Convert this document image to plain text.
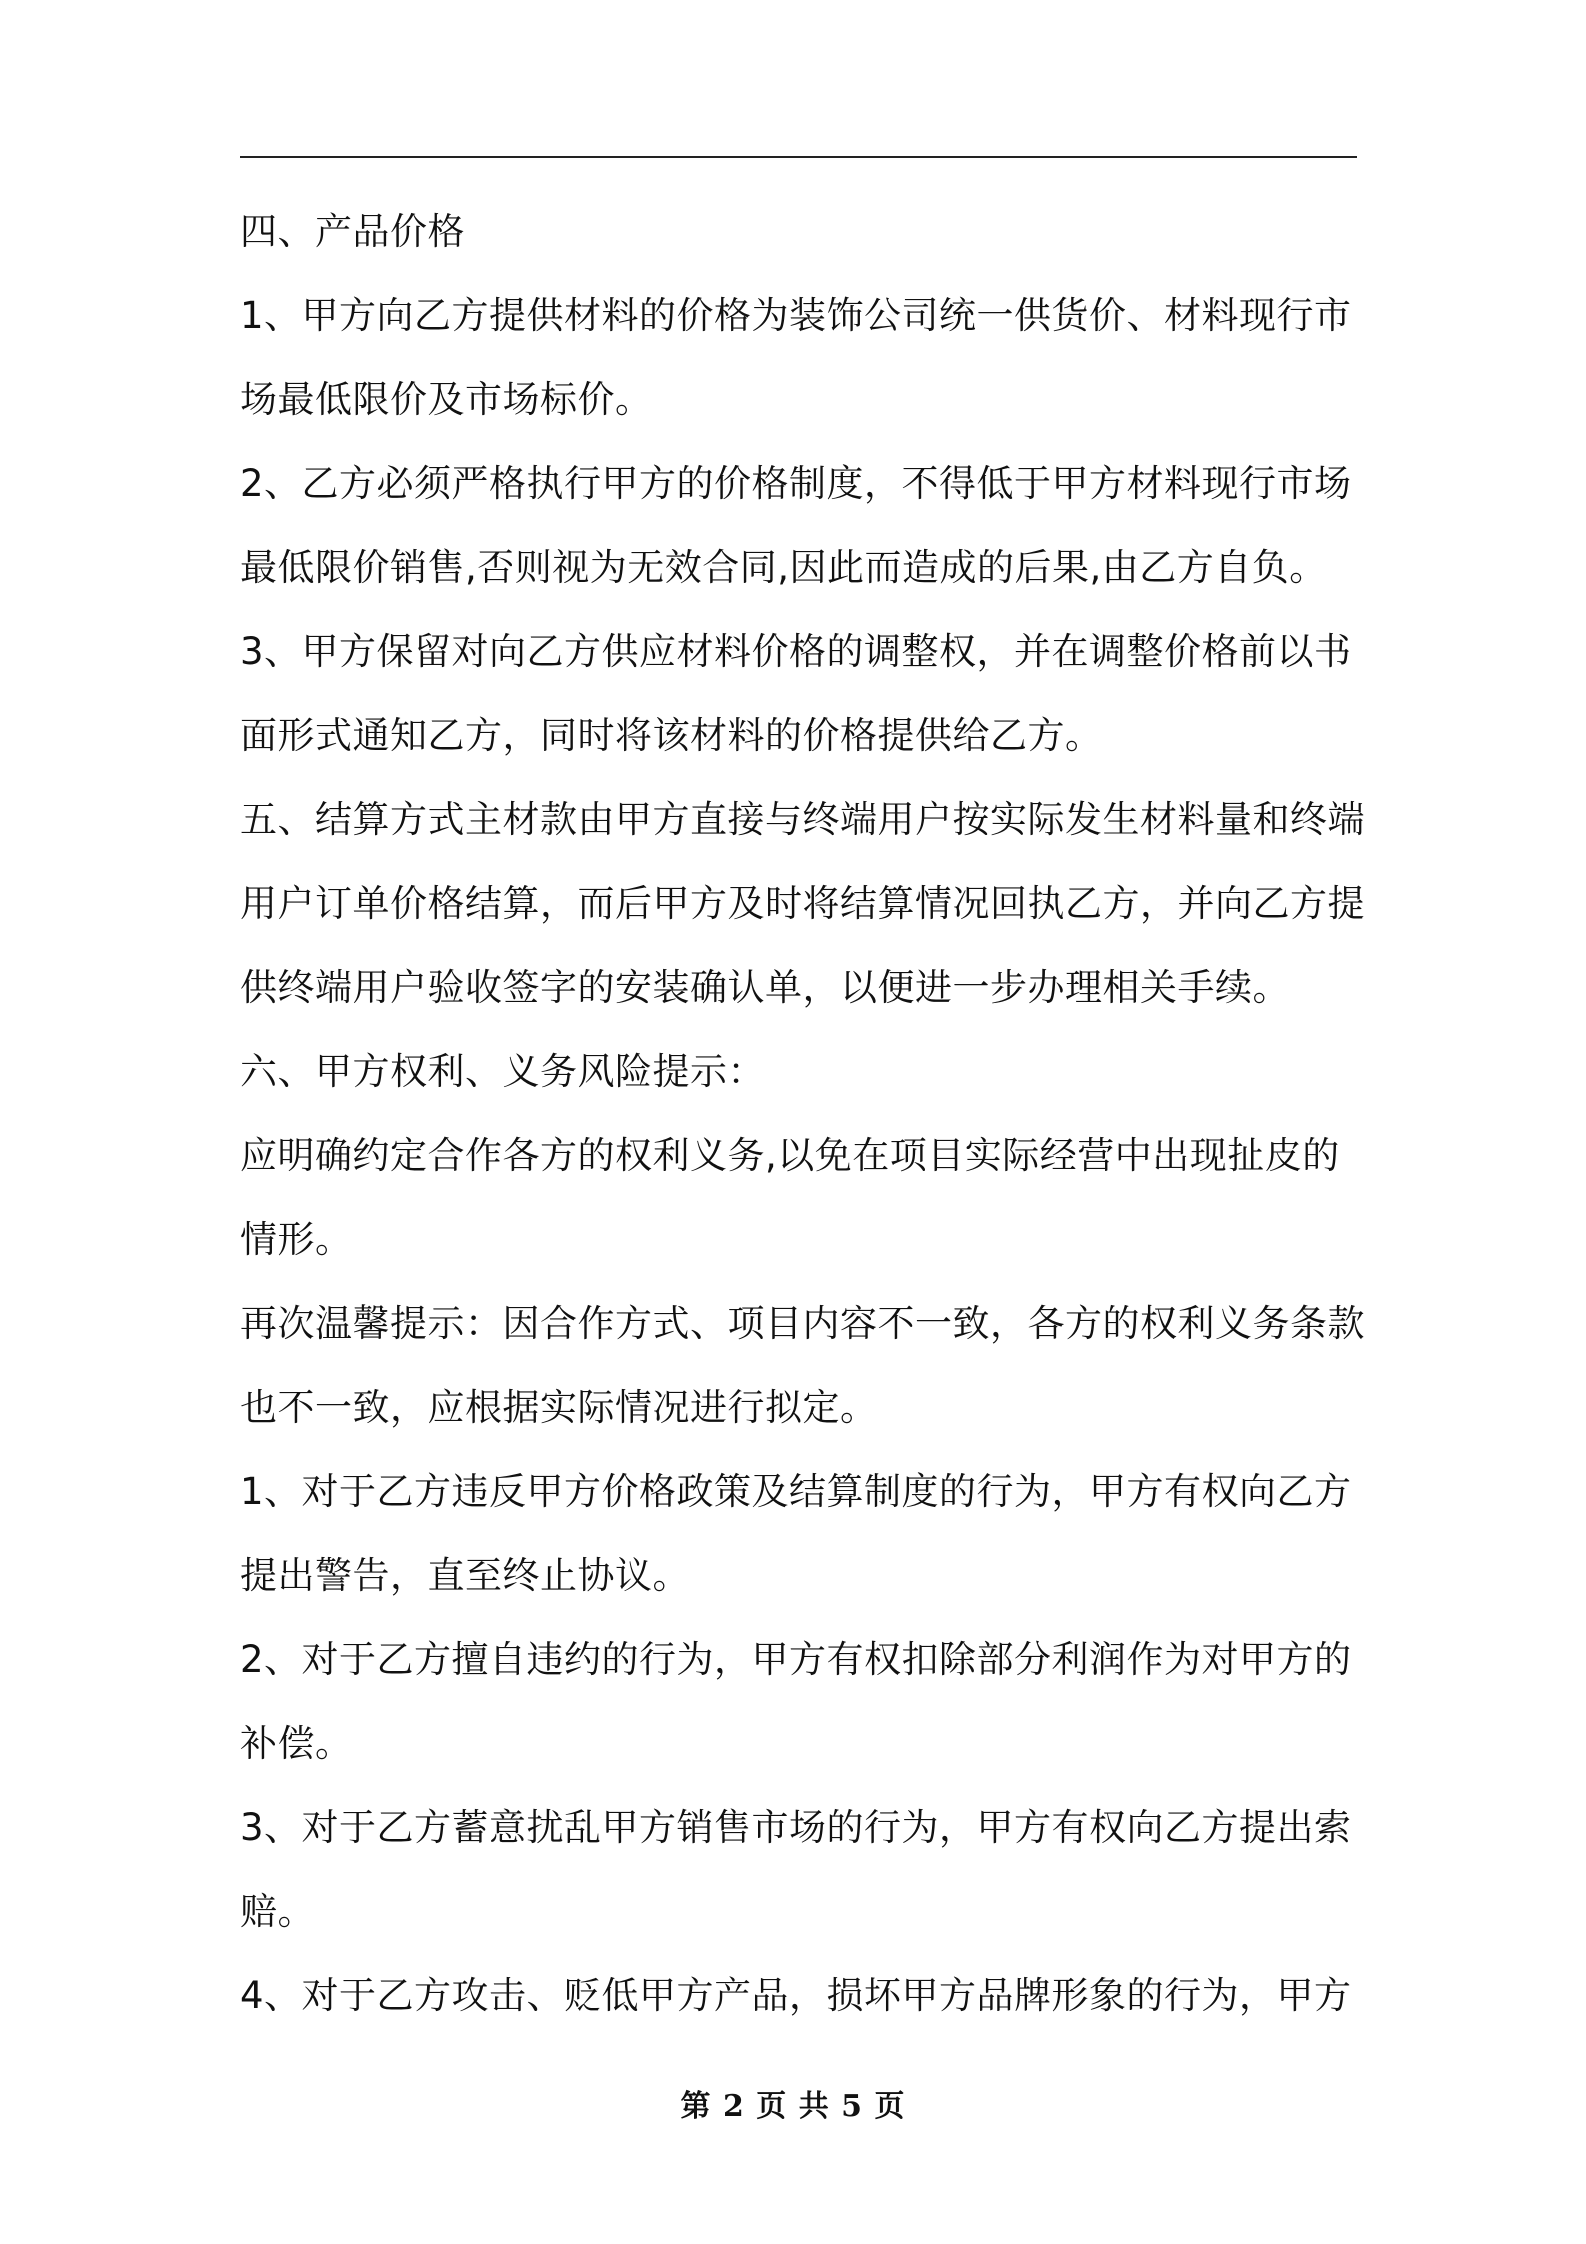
四、产品价格
1、甲方向乙方提供材料的价格为装饰公司统一供货价、材料现行市
场最低限价及市场标价。
2、乙方必须严格执行甲方的价格制度，不得低于甲方材料现行市场
最低限价销售,否则视为无效合同,因此而造成的后果,由乙方自负。
3、甲方保留对向乙方供应材料价格的调整权，并在调整价格前以书
面形式通知乙方，同时将该材料的价格提供给乙方。
五、结算方式主材款由甲方直接与终端用户按实际发生材料量和终端
用户订单价格结算，而后甲方及时将结算情况回执乙方，并向乙方提
供终端用户验收签字的安装确认单，以便进一步办理相关手续。
六、甲方权利、义务风险提示：
应明确约定合作各方的权利义务,以免在项目实际经营中出现扯皮的
情形。
再次温馨提示：因合作方式、项目内容不一致，各方的权利义务条款
也不一致，应根据实际情况进行拟定。
1、对于乙方违反甲方价格政策及结算制度的行为，甲方有权向乙方
提出警告，直至终止协议。
2、对于乙方擅自违约的行为，甲方有权扣除部分利润作为对甲方的
补偿。
3、对于乙方蓄意扰乱甲方销售市场的行为，甲方有权向乙方提出索
赔。
4、对于乙方攻击、贬低甲方产品，损坏甲方品牌形象的行为，甲方
第 2 页 共 5 页
